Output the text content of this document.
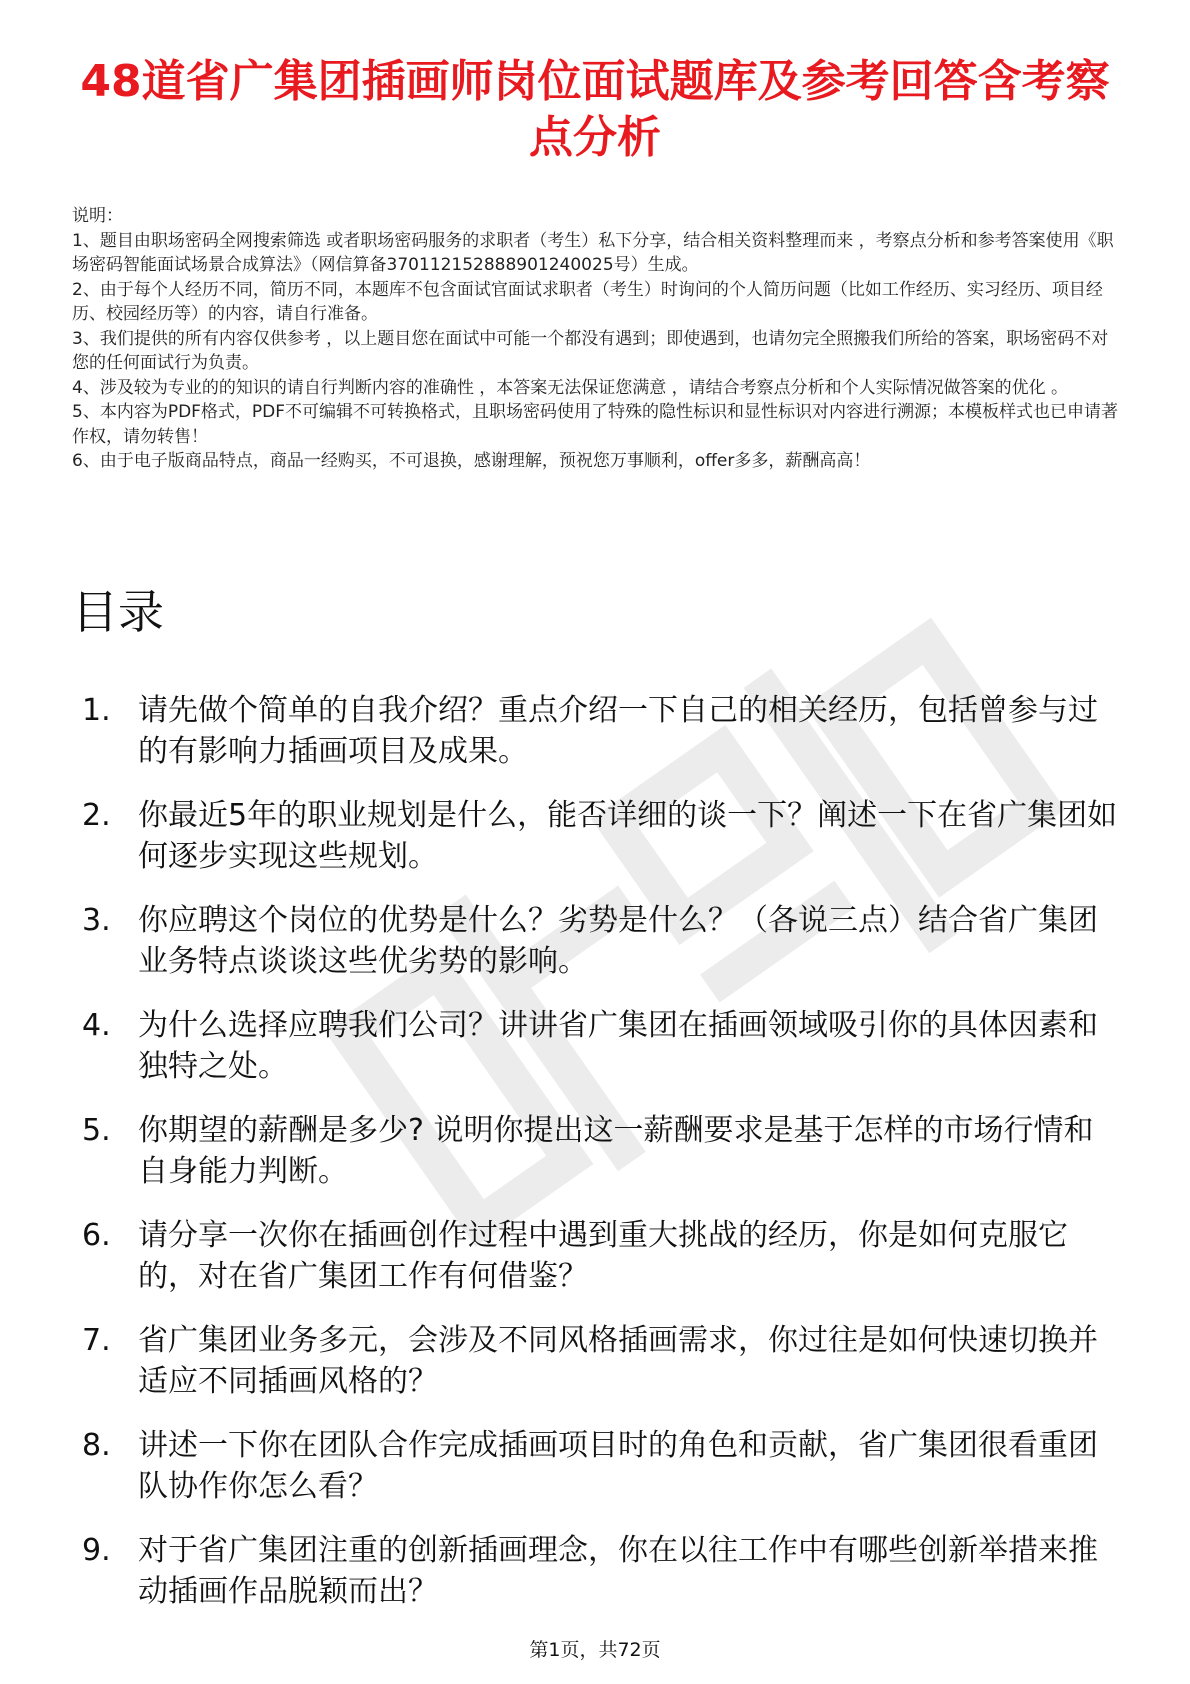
48道省广集团插画师岗位面试题库及参考回答含考察点分析

说明：

1、题目由职场密码全网搜索筛选 或者职场密码服务的求职者（考生）私下分享，结合相关资料整理而来 ，考察点分析和参考答案使用《职场密码智能面试场景合成算法》（网信算备370112152888901240025号）生成。

2、由于每个人经历不同，简历不同，本题库不包含面试官面试求职者（考生）时询问的个人简历问题（比如工作经历、实习经历、项目经历、校园经历等）的内容，请自行准备。

3、我们提供的所有内容仅供参考 ，以上题目您在面试中可能一个都没有遇到；即使遇到，也请勿完全照搬我们所给的答案，职场密码不对您的任何面试行为负责。

4、涉及较为专业的的知识的请自行判断内容的准确性 ，本答案无法保证您满意 ，请结合考察点分析和个人实际情况做答案的优化 。

5、本内容为PDF格式，PDF不可编辑不可转换格式，且职场密码使用了特殊的隐性标识和显性标识对内容进行溯源；本模板样式也已申请著作权，请勿转售！

6、由于电子版商品特点，商品一经购买，不可退换，感谢理解，预祝您万事顺利，offer多多，薪酬高高！

目录
1. 请先做个简单的自我介绍？重点介绍一下自己的相关经历，包括曾参与过的有影响力插画项目及成果。
2. 你最近5年的职业规划是什么，能否详细的谈一下？阐述一下在省广集团如何逐步实现这些规划。
3. 你应聘这个岗位的优势是什么？劣势是什么？（各说三点）结合省广集团业务特点谈谈这些优劣势的影响。
4. 为什么选择应聘我们公司？讲讲省广集团在插画领域吸引你的具体因素和独特之处。
5. 你期望的薪酬是多少? 说明你提出这一薪酬要求是基于怎样的市场行情和自身能力判断。
6. 请分享一次你在插画创作过程中遇到重大挑战的经历，你是如何克服它的，对在省广集团工作有何借鉴？
7. 省广集团业务多元，会涉及不同风格插画需求，你过往是如何快速切换并适应不同插画风格的？
8. 讲述一下你在团队合作完成插画项目时的角色和贡献，省广集团很看重团队协作你怎么看？
9. 对于省广集团注重的创新插画理念，你在以往工作中有哪些创新举措来推动插画作品脱颖而出？
第1页，共72页
